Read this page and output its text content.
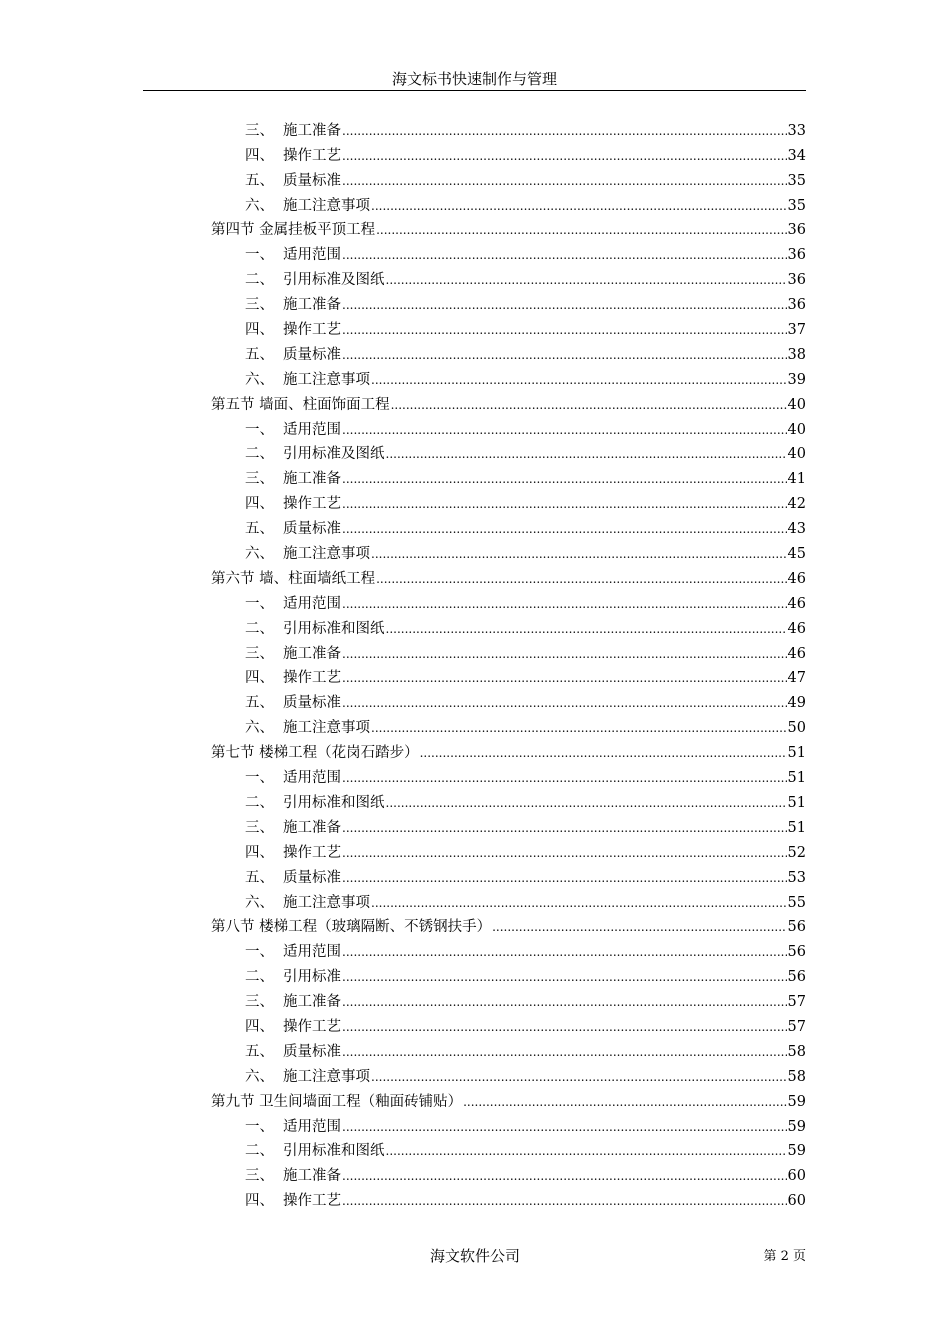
海文标书快速制作与管理
三、 施工准备 .....	33
四、 操作工艺 .....	34
五、 质量标准 .....	35
六、 施工注意事项 .....	35
第四节 金属挂板平顶工程 .....	36
一、 适用范围 .....	36
二、 引用标准及图纸 .....	36
三、 施工准备 .....	36
四、 操作工艺 .....	37
五、 质量标准 .....	38
六、 施工注意事项 .....	39
第五节 墙面、柱面饰面工程 .....	40
一、 适用范围 .....	40
二、 引用标准及图纸 .....	40
三、 施工准备 .....	41
四、 操作工艺 .....	42
五、 质量标准 .....	43
六、 施工注意事项 .....	45
第六节 墙、柱面墙纸工程 .....	46
一、 适用范围 .....	46
二、 引用标准和图纸 .....	46
三、 施工准备 .....	46
四、 操作工艺 .....	47
五、 质量标准 .....	49
六、 施工注意事项 .....	50
第七节 楼梯工程（花岗石踏步） .....	51
一、 适用范围 .....	51
二、 引用标准和图纸 .....	51
三、 施工准备 .....	51
四、 操作工艺 .....	52
五、 质量标准 .....	53
六、 施工注意事项 .....	55
第八节 楼梯工程（玻璃隔断、不锈钢扶手） .....	56
一、 适用范围 .....	56
二、 引用标准 .....	56
三、 施工准备 .....	57
四、 操作工艺 .....	57
五、 质量标准 .....	58
六、 施工注意事项 .....	58
第九节 卫生间墙面工程（釉面砖铺贴） .....	59
一、 适用范围 .....	59
二、 引用标准和图纸 .....	59
三、 施工准备 .....	60
四、 操作工艺 .....	60
海文软件公司	第 2 页
